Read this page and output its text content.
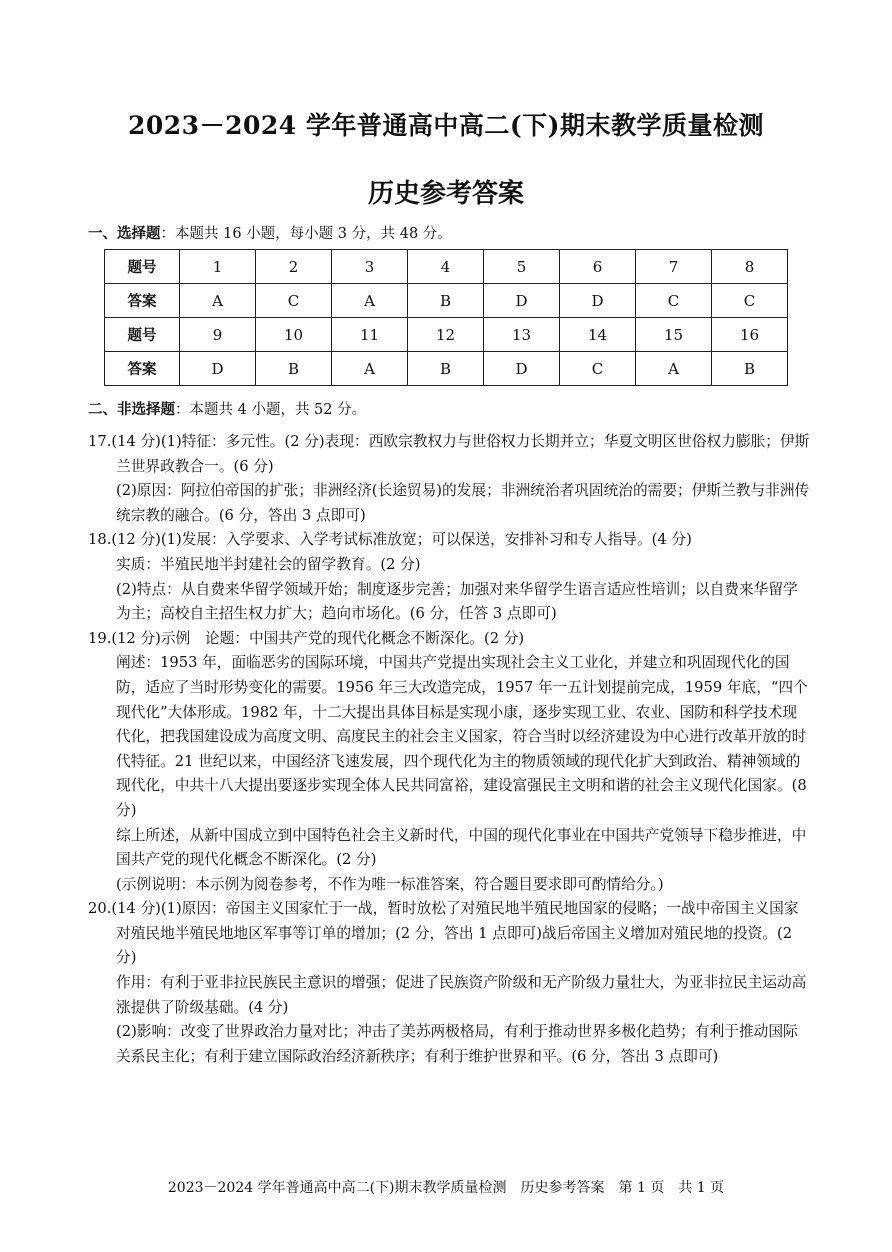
2023－2024 学年普通高中高二(下)期末教学质量检测
历史参考答案
一、选择题：本题共 16 小题，每小题 3 分，共 48 分。
题号	1	2	3	4	5	6	7	8
答案	A	C	A	B	D	D	C	C
题号	9	10	11	12	13	14	15	16
答案	D	B	A	B	D	C	A	B
二、非选择题：本题共 4 小题，共 52 分。

17.(14 分)(1)特征：多元性。(2 分)表现：西欧宗教权力与世俗权力长期并立；华夏文明区世俗权力膨胀；伊斯兰世界政教合一。(6 分)

(2)原因：阿拉伯帝国的扩张；非洲经济(长途贸易)的发展；非洲统治者巩固统治的需要；伊斯兰教与非洲传统宗教的融合。(6 分，答出 3 点即可)

18.(12 分)(1)发展：入学要求、入学考试标准放宽；可以保送，安排补习和专人指导。(4 分)

实质：半殖民地半封建社会的留学教育。(2 分)

(2)特点：从自费来华留学领域开始；制度逐步完善；加强对来华留学生语言适应性培训；以自费来华留学为主；高校自主招生权力扩大；趋向市场化。(6 分，任答 3 点即可)

19.(12 分)示例　论题：中国共产党的现代化概念不断深化。(2 分)

阐述：1953 年，面临恶劣的国际环境，中国共产党提出实现社会主义工业化，并建立和巩固现代化的国防，适应了当时形势变化的需要。1956 年三大改造完成，1957 年一五计划提前完成，1959 年底，“四个现代化”大体形成。1982 年，十二大提出具体目标是实现小康，逐步实现工业、农业、国防和科学技术现代化，把我国建设成为高度文明、高度民主的社会主义国家，符合当时以经济建设为中心进行改革开放的时代特征。21 世纪以来，中国经济飞速发展，四个现代化为主的物质领域的现代化扩大到政治、精神领域的现代化，中共十八大提出要逐步实现全体人民共同富裕，建设富强民主文明和谐的社会主义现代化国家。(8 分)

综上所述，从新中国成立到中国特色社会主义新时代，中国的现代化事业在中国共产党领导下稳步推进，中国共产党的现代化概念不断深化。(2 分)

(示例说明：本示例为阅卷参考，不作为唯一标准答案，符合题目要求即可酌情给分。)

20.(14 分)(1)原因：帝国主义国家忙于一战，暂时放松了对殖民地半殖民地国家的侵略；一战中帝国主义国家对殖民地半殖民地地区军事等订单的增加；(2 分，答出 1 点即可)战后帝国主义增加对殖民地的投资。(2 分)

作用：有利于亚非拉民族民主意识的增强；促进了民族资产阶级和无产阶级力量壮大，为亚非拉民主运动高涨提供了阶级基础。(4 分)

(2)影响：改变了世界政治力量对比；冲击了美苏两极格局，有利于推动世界多极化趋势；有利于推动国际关系民主化；有利于建立国际政治经济新秩序；有利于维护世界和平。(6 分，答出 3 点即可)

2023－2024 学年普通高中高二(下)期末教学质量检测　历史参考答案　第 1 页　共 1 页
